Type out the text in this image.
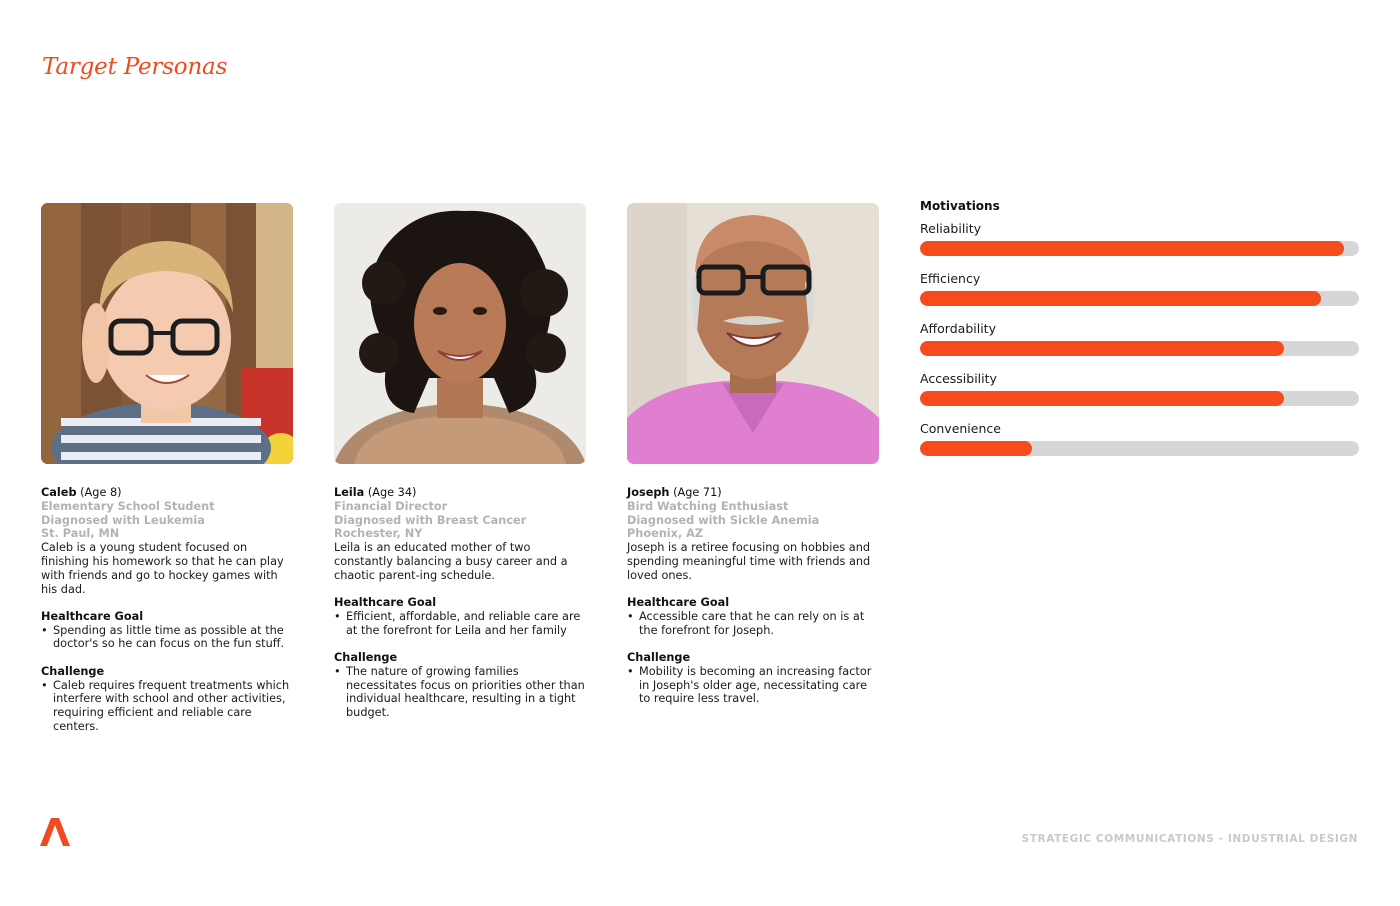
Target Personas
Caleb (Age 8)
Elementary School Student
Diagnosed with Leukemia
St. Paul, MN
Caleb is a young student focused on finishing his homework so that he can play with friends and go to hockey games with his dad.
Healthcare Goal
• Spending as little time as possible at the doctor's so he can focus on the fun stuff.
Challenge
• Caleb requires frequent treatments which interfere with school and other activities, requiring efficient and reliable care centers.
Leila (Age 34)
Financial Director
Diagnosed with Breast Cancer
Rochester, NY
Leila is an educated mother of two constantly balancing a busy career and a chaotic parent-ing schedule.
Healthcare Goal
• Efficient, affordable, and reliable care are at the forefront for Leila and her family
Challenge
• The nature of growing families necessitates focus on priorities other than individual healthcare, resulting in a tight budget.
Joseph (Age 71)
Bird Watching Enthusiast
Diagnosed with Sickle Anemia
Phoenix, AZ
Joseph is a retiree focusing on hobbies and spending meaningful time with friends and loved ones.
Healthcare Goal
• Accessible care that he can rely on is at the forefront for Joseph.
Challenge
• Mobility is becoming an increasing factor in Joseph's older age, necessitating care to require less travel.
Motivations
Reliability
Efficiency
Affordability
Accessibility
Convenience
STRATEGIC COMMUNICATIONS - INDUSTRIAL DESIGN
